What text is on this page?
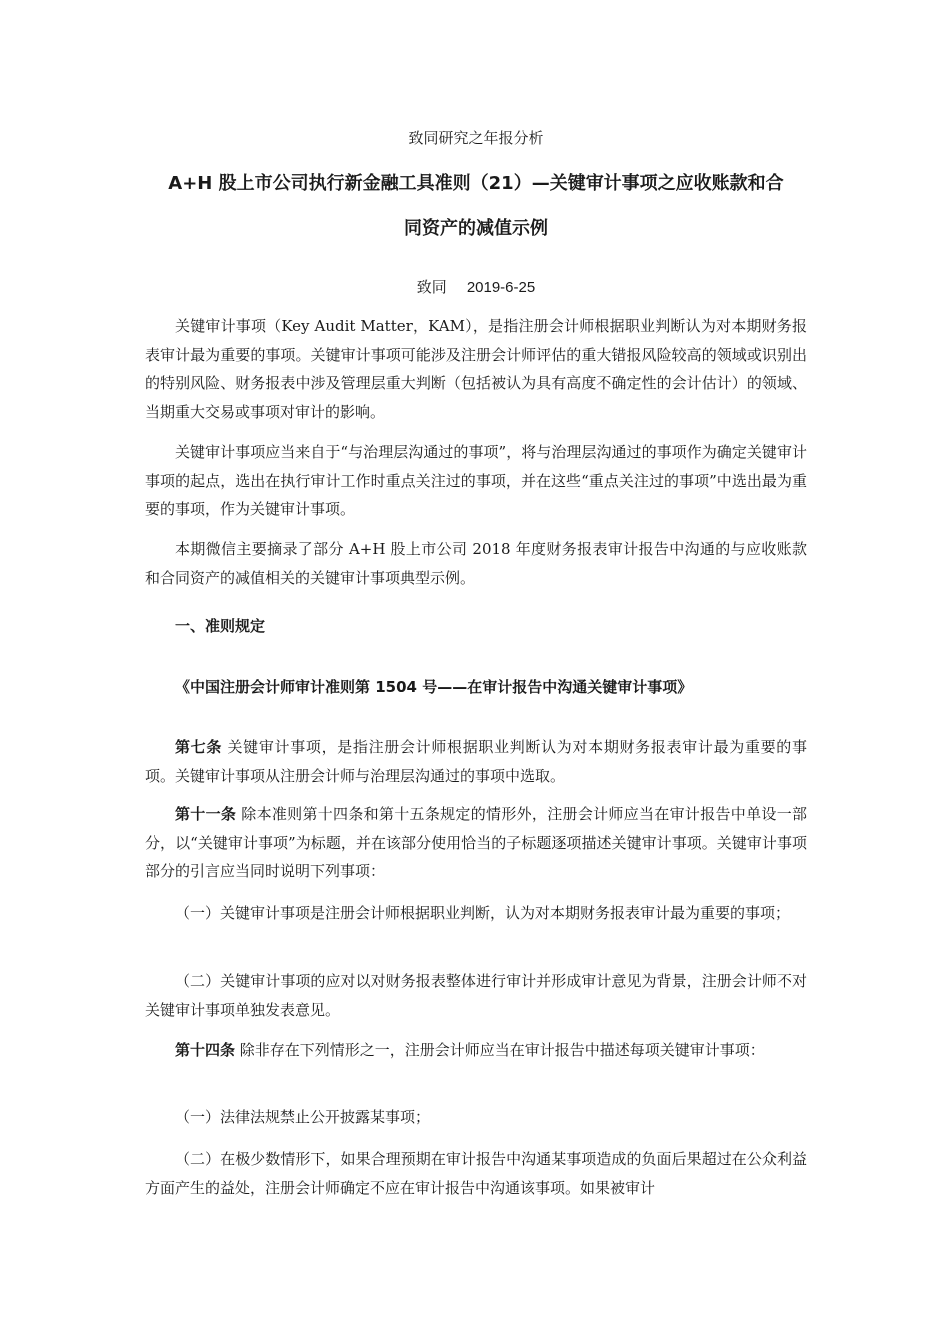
致同研究之年报分析
A+H 股上市公司执行新金融工具准则（21）—关键审计事项之应收账款和合
同资产的减值示例
致同 2019-6-25

关键审计事项（Key Audit Matter，KAM），是指注册会计师根据职业判断认为对本期财务报表审计最为重要的事项。关键审计事项可能涉及注册会计师评估的重大错报风险较高的领域或识别出的特别风险、财务报表中涉及管理层重大判断（包括被认为具有高度不确定性的会计估计）的领域、当期重大交易或事项对审计的影响。

关键审计事项应当来自于“与治理层沟通过的事项”，将与治理层沟通过的事项作为确定关键审计事项的起点，选出在执行审计工作时重点关注过的事项，并在这些“重点关注过的事项”中选出最为重要的事项，作为关键审计事项。

本期微信主要摘录了部分 A+H 股上市公司 2018 年度财务报表审计报告中沟通的与应收账款和合同资产的减值相关的关键审计事项典型示例。

一、准则规定
《中国注册会计师审计准则第 1504 号——在审计报告中沟通关键审计事项》

第七条 关键审计事项，是指注册会计师根据职业判断认为对本期财务报表审计最为重要的事项。关键审计事项从注册会计师与治理层沟通过的事项中选取。

第十一条 除本准则第十四条和第十五条规定的情形外，注册会计师应当在审计报告中单设一部分，以“关键审计事项”为标题，并在该部分使用恰当的子标题逐项描述关键审计事项。关键审计事项部分的引言应当同时说明下列事项：

（一）关键审计事项是注册会计师根据职业判断，认为对本期财务报表审计最为重要的事项；

（二）关键审计事项的应对以对财务报表整体进行审计并形成审计意见为背景，注册会计师不对关键审计事项单独发表意见。

第十四条 除非存在下列情形之一，注册会计师应当在审计报告中描述每项关键审计事项：

（一）法律法规禁止公开披露某事项；

（二）在极少数情形下，如果合理预期在审计报告中沟通某事项造成的负面后果超过在公众利益方面产生的益处，注册会计师确定不应在审计报告中沟通该事项。如果被审计
